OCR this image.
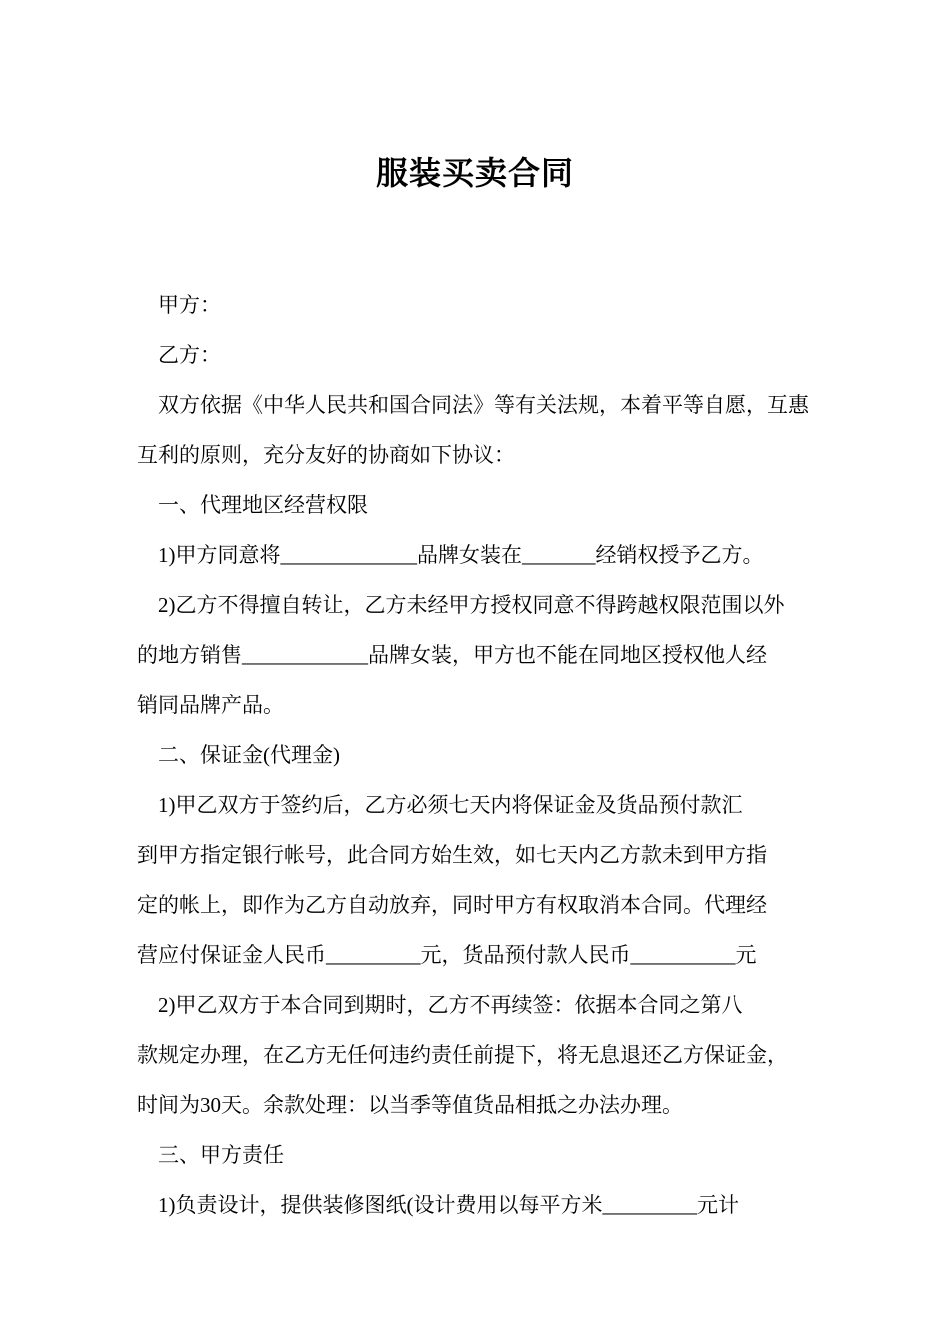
服装买卖合同
甲方：
乙方：
双方依据《中华人民共和国合同法》等有关法规，本着平等自愿，互惠
互利的原则，充分友好的协商如下协议：
一、代理地区经营权限
1)甲方同意将_____________品牌女装在_______经销权授予乙方。
2)乙方不得擅自转让，乙方未经甲方授权同意不得跨越权限范围以外
的地方销售____________品牌女装，甲方也不能在同地区授权他人经
销同品牌产品。
二、保证金(代理金)
1)甲乙双方于签约后，乙方必须七天内将保证金及货品预付款汇
到甲方指定银行帐号，此合同方始生效，如七天内乙方款未到甲方指
定的帐上，即作为乙方自动放弃，同时甲方有权取消本合同。代理经
营应付保证金人民币_________元，货品预付款人民币__________元
2)甲乙双方于本合同到期时，乙方不再续签：依据本合同之第八
款规定办理，在乙方无任何违约责任前提下，将无息退还乙方保证金，
时间为30天。余款处理：以当季等值货品相抵之办法办理。
三、甲方责任
1)负责设计，提供装修图纸(设计费用以每平方米_________元计
